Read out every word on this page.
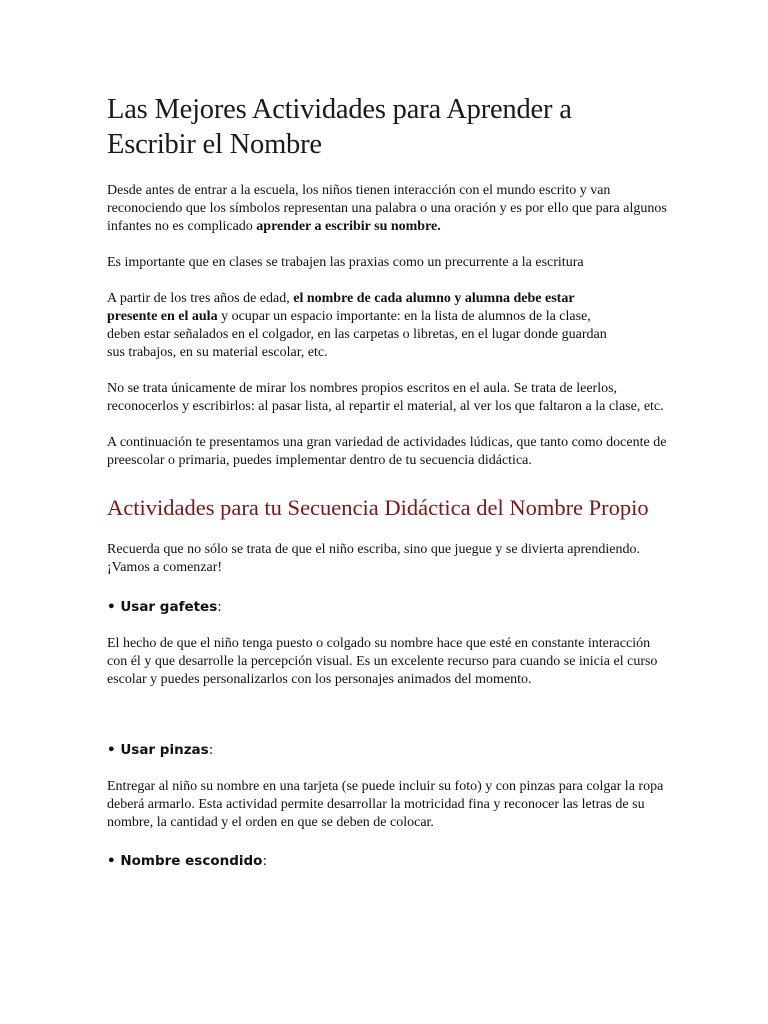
Las Mejores Actividades para Aprender a Escribir el Nombre

Desde antes de entrar a la escuela, los niños tienen interacción con el mundo escrito y van reconociendo que los símbolos representan una palabra o una oración y es por ello que para algunos infantes no es complicado aprender a escribir su nombre.

Es importante que en clases se trabajen las praxias como un precurrente a la escritura

A partir de los tres años de edad, el nombre de cada alumno y alumna debe estar presente en el aula y ocupar un espacio importante: en la lista de alumnos de la clase, deben estar señalados en el colgador, en las carpetas o libretas, en el lugar donde guardan sus trabajos, en su material escolar, etc.

No se trata únicamente de mirar los nombres propios escritos en el aula. Se trata de leerlos, reconocerlos y escribirlos: al pasar lista, al repartir el material, al ver los que faltaron a la clase, etc.

A continuación te presentamos una gran variedad de actividades lúdicas, que tanto como docente de preescolar o primaria, puedes implementar dentro de tu secuencia didáctica.

Actividades para tu Secuencia Didáctica del Nombre Propio

Recuerda que no sólo se trata de que el niño escriba, sino que juegue y se divierta aprendiendo. ¡Vamos a comenzar!

• Usar gafetes:

El hecho de que el niño tenga puesto o colgado su nombre hace que esté en constante interacción con él y que desarrolle la percepción visual. Es un excelente recurso para cuando se inicia el curso escolar y puedes personalizarlos con los personajes animados del momento.

• Usar pinzas:

Entregar al niño su nombre en una tarjeta (se puede incluir su foto) y con pinzas para colgar la ropa deberá armarlo. Esta actividad permite desarrollar la motricidad fina y reconocer las letras de su nombre, la cantidad y el orden en que se deben de colocar.

• Nombre escondido:
